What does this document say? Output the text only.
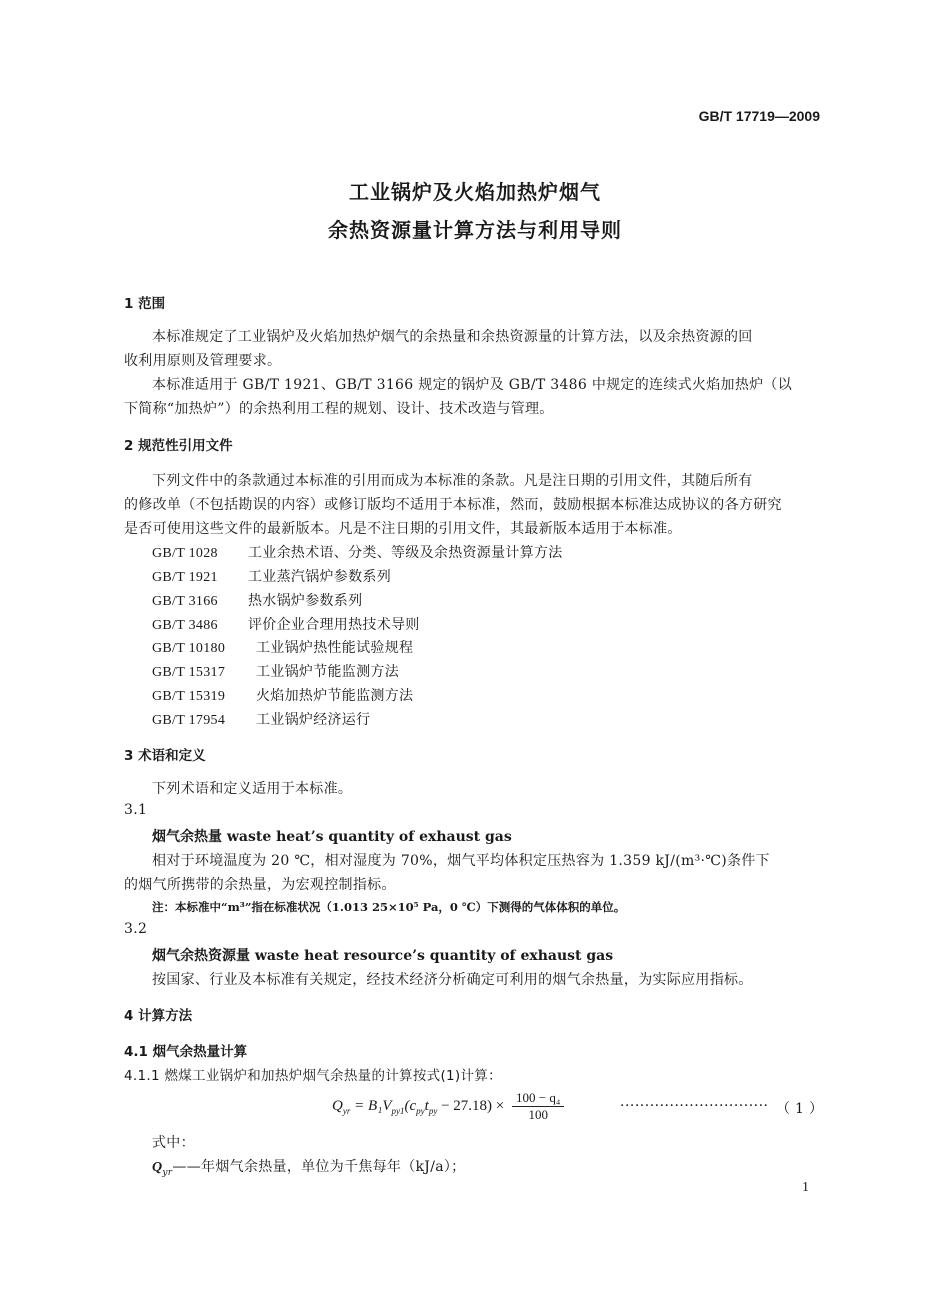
GB/T 17719—2009
工业锅炉及火焰加热炉烟气
余热资源量计算方法与利用导则
1 范围
本标准规定了工业锅炉及火焰加热炉烟气的余热量和余热资源量的计算方法，以及余热资源的回
收利用原则及管理要求。
本标准适用于 GB/T 1921、GB/T 3166 规定的锅炉及 GB/T 3486 中规定的连续式火焰加热炉（以
下简称“加热炉”）的余热利用工程的规划、设计、技术改造与管理。
2 规范性引用文件
下列文件中的条款通过本标准的引用而成为本标准的条款。凡是注日期的引用文件，其随后所有
的修改单（不包括勘误的内容）或修订版均不适用于本标准，然而，鼓励根据本标准达成协议的各方研究
是否可使用这些文件的最新版本。凡是不注日期的引用文件，其最新版本适用于本标准。
GB/T 1028 工业余热术语、分类、等级及余热资源量计算方法
GB/T 1921 工业蒸汽锅炉参数系列
GB/T 3166 热水锅炉参数系列
GB/T 3486 评价企业合理用热技术导则
GB/T 10180 工业锅炉热性能试验规程
GB/T 15317 工业锅炉节能监测方法
GB/T 15319 火焰加热炉节能监测方法
GB/T 17954 工业锅炉经济运行
3 术语和定义
下列术语和定义适用于本标准。
3.1
烟气余热量 waste heat’s quantity of exhaust gas
相对于环境温度为 20 ℃，相对湿度为 70%，烟气平均体积定压热容为 1.359 kJ/(m³·℃)条件下
的烟气所携带的余热量，为宏观控制指标。
注：本标准中“m³”指在标准状况（1.013 25×10⁵ Pa，0 ℃）下测得的气体体积的单位。
3.2
烟气余热资源量 waste heat resource’s quantity of exhaust gas
按国家、行业及本标准有关规定，经技术经济分析确定可利用的烟气余热量，为实际应用指标。
4 计算方法
4.1 烟气余热量计算
4.1.1 燃煤工业锅炉和加热炉烟气余热量的计算按式(1)计算：
$Q_{yr} = B_1V_{py1}(c_{py}t_{py} - 27.18) \times \frac{\text{100 − q₄}}{100}$	······························ （ 1 ）
式中：
$Q_{yr}——$年烟气余热量，单位为千焦每年（kJ/a）；
1
